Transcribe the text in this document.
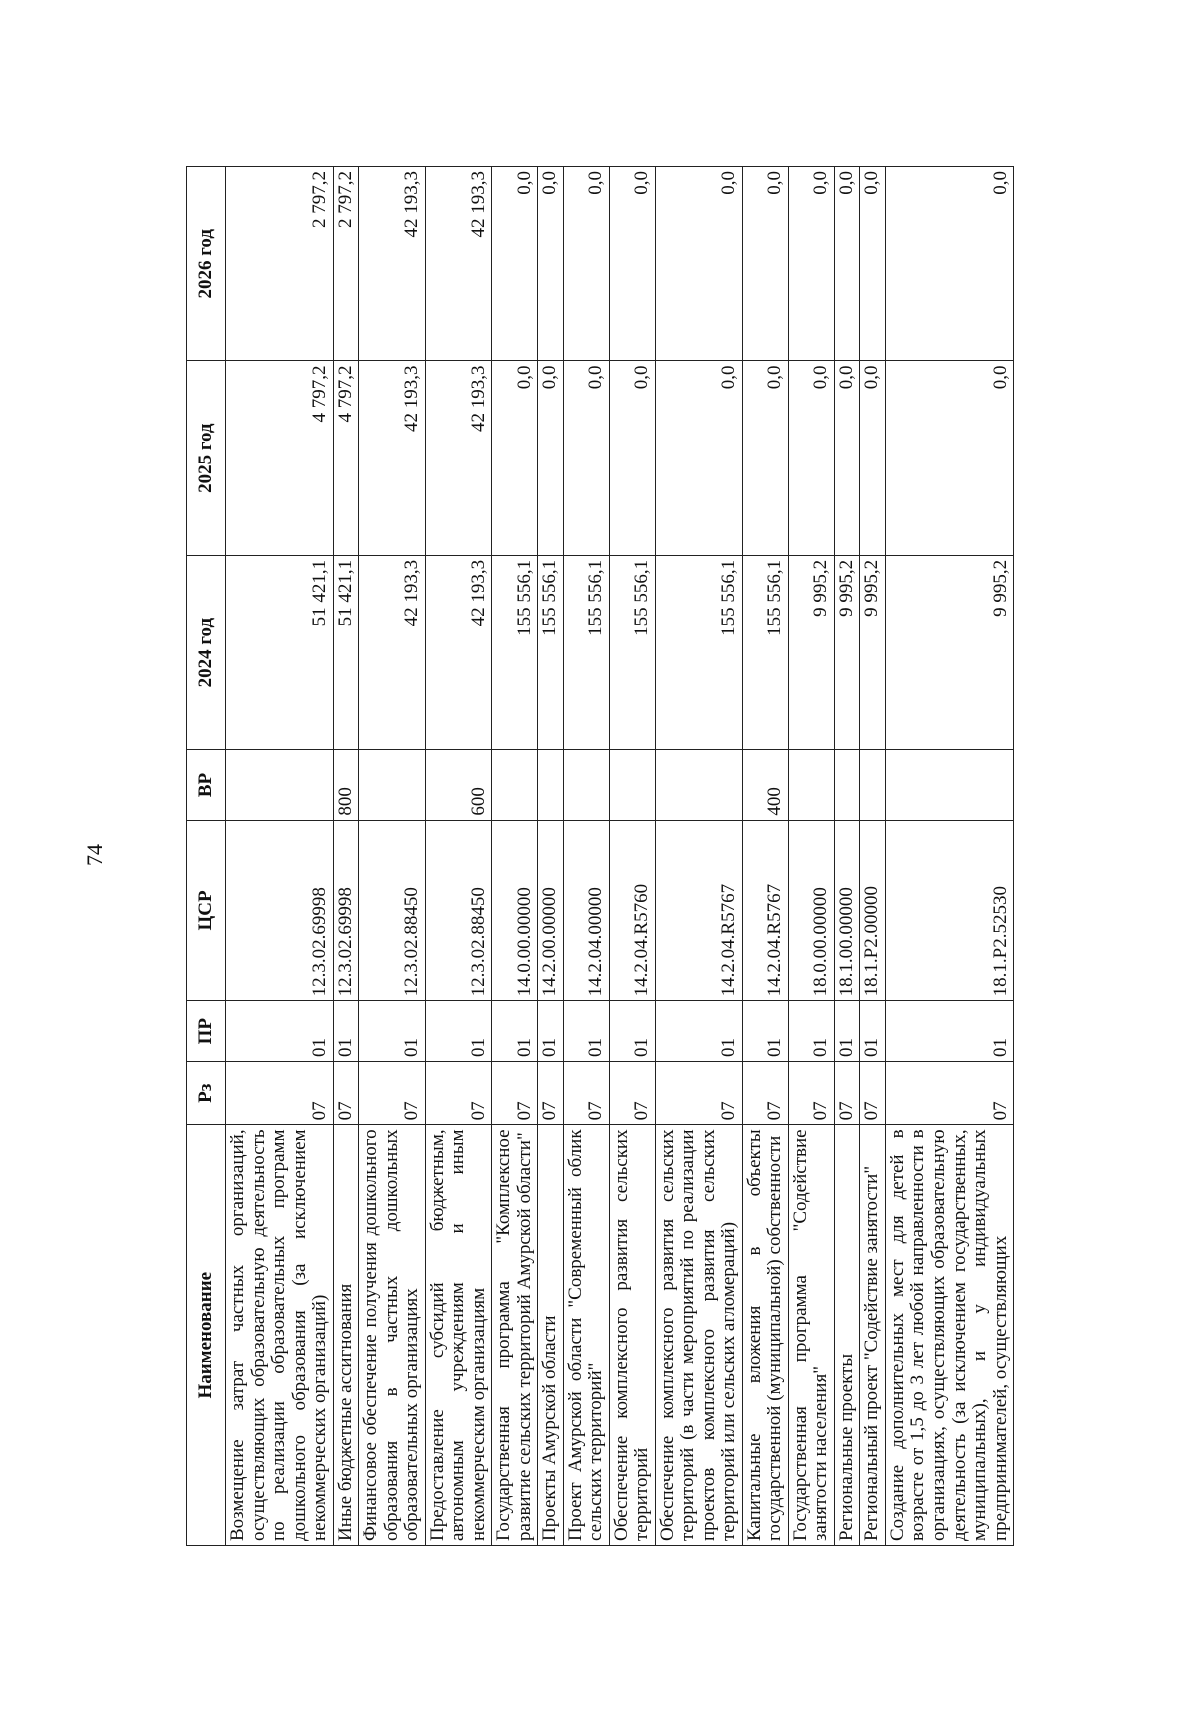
74
Наименование	Рз	ПР	ЦСР	ВР	2024 год	2025 год	2026 год
Возмещение затрат частных организаций, осуществляющих образовательную деятельность по реализации образовательных программ дошкольного образования (за исключением некоммерческих организаций)	07	01	12.3.02.69998		51 421,1	4 797,2	2 797,2
Иные бюджетные ассигнования	07	01	12.3.02.69998	800	51 421,1	4 797,2	2 797,2
Финансовое обеспечение получения дошкольного образования в частных дошкольных образовательных организациях	07	01	12.3.02.88450		42 193,3	42 193,3	42 193,3
Предоставление субсидий бюджетным, автономным учреждениям и иным некоммерческим организациям	07	01	12.3.02.88450	600	42 193,3	42 193,3	42 193,3
Государственная программа "Комплексное развитие сельских территорий Амурской области"	07	01	14.0.00.00000		155 556,1	0,0	0,0
Проекты Амурской области	07	01	14.2.00.00000		155 556,1	0,0	0,0
Проект Амурской области "Современный облик сельских территорий"	07	01	14.2.04.00000		155 556,1	0,0	0,0
Обеспечение комплексного развития сельских территорий	07	01	14.2.04.R5760		155 556,1	0,0	0,0
Обеспечение комплексного развития сельских территорий (в части мероприятий по реализации проектов комплексного развития сельских территорий или сельских агломераций)	07	01	14.2.04.R5767		155 556,1	0,0	0,0
Капитальные вложения в объекты государственной (муниципальной) собственности	07	01	14.2.04.R5767	400	155 556,1	0,0	0,0
Государственная программа "Содействие занятости населения"	07	01	18.0.00.00000		9 995,2	0,0	0,0
Региональные проекты	07	01	18.1.00.00000		9 995,2	0,0	0,0
Региональный проект "Содействие занятости"	07	01	18.1.P2.00000		9 995,2	0,0	0,0
Создание дополнительных мест для детей в возрасте от 1,5 до 3 лет любой направленности в организациях, осуществляющих образовательную деятельность (за исключением государственных, муниципальных), и у индивидуальных предпринимателей, осуществляющих	07	01	18.1.P2.52530		9 995,2	0,0	0,0
